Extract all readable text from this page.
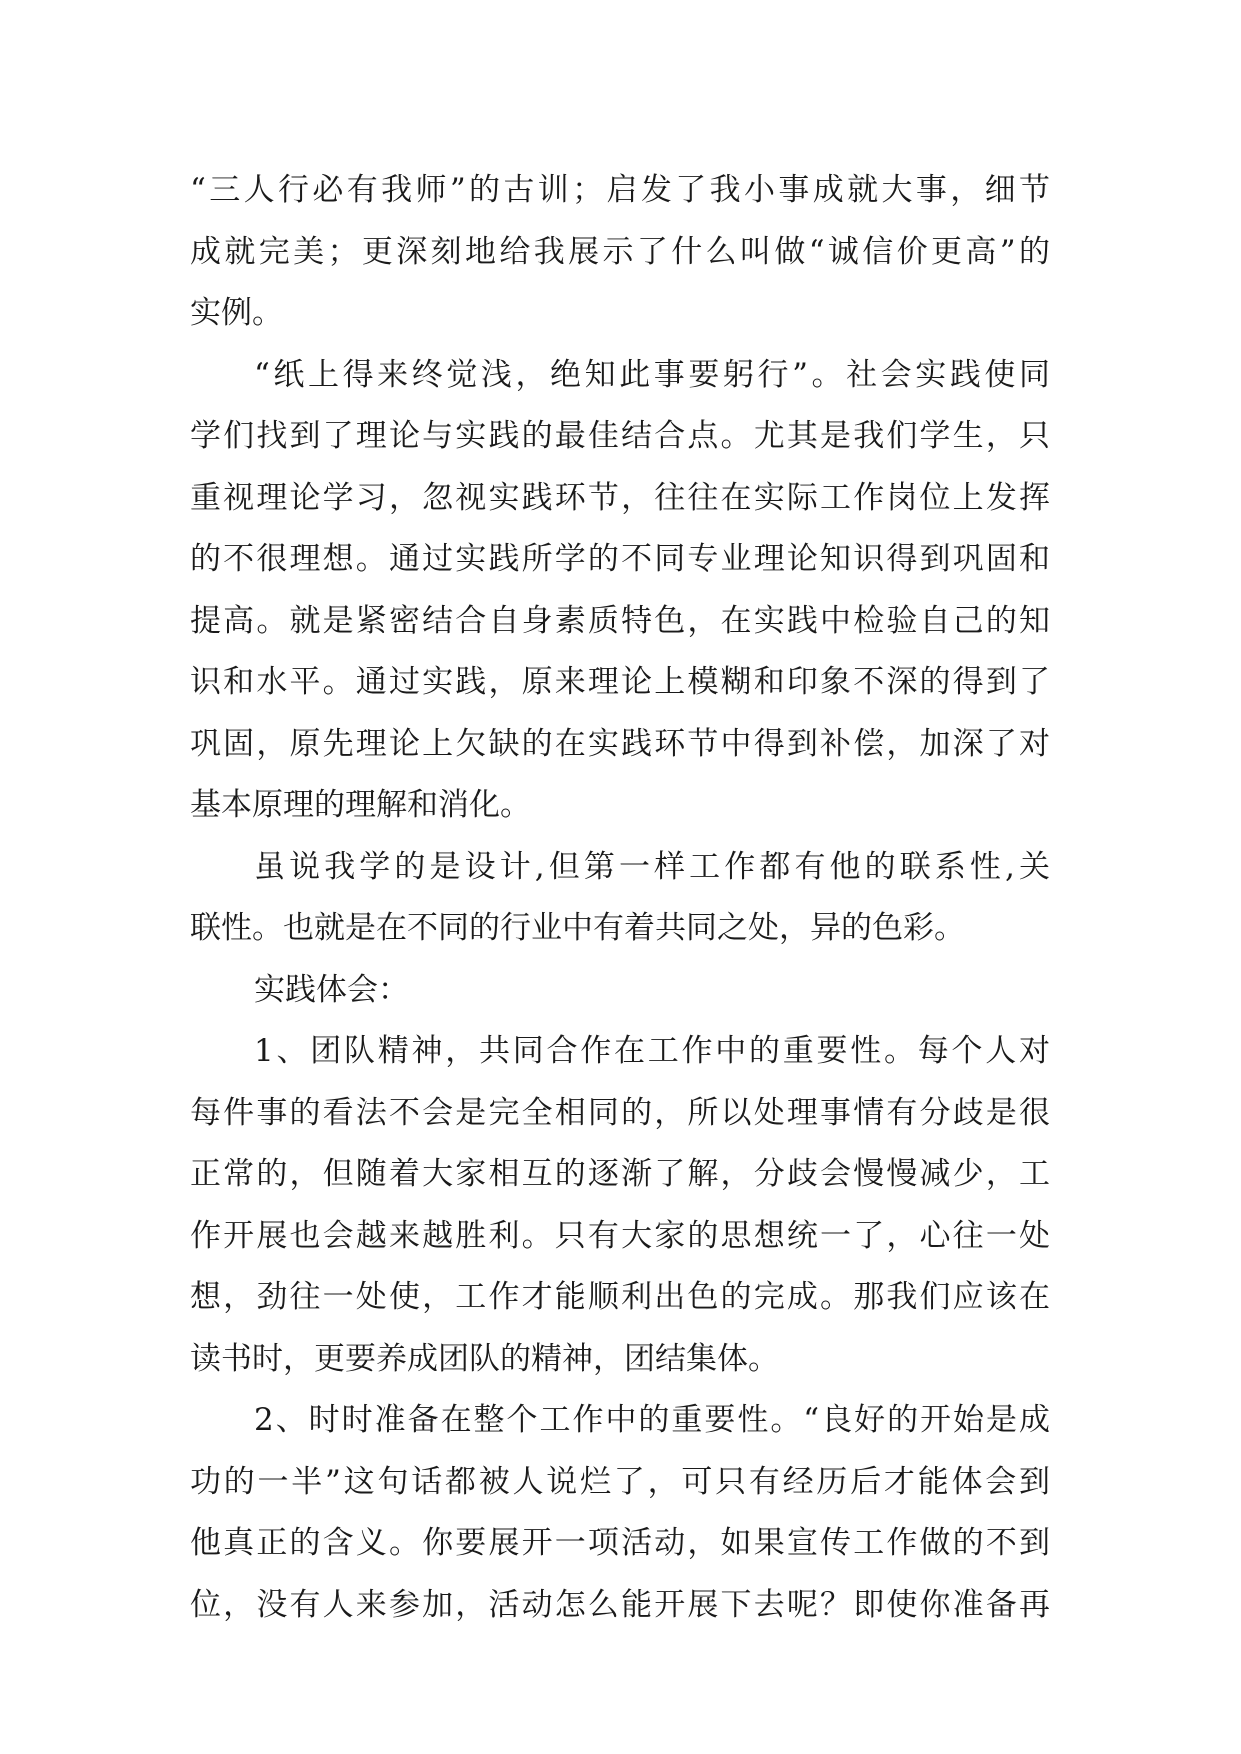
“三人行必有我师”的古训；启发了我小事成就大事，细节
成就完美；更深刻地给我展示了什么叫做“诚信价更高”的
实例。
“纸上得来终觉浅，绝知此事要躬行”。社会实践使同
学们找到了理论与实践的最佳结合点。尤其是我们学生，只
重视理论学习，忽视实践环节，往往在实际工作岗位上发挥
的不很理想。通过实践所学的不同专业理论知识得到巩固和
提高。就是紧密结合自身素质特色，在实践中检验自己的知
识和水平。通过实践，原来理论上模糊和印象不深的得到了
巩固，原先理论上欠缺的在实践环节中得到补偿，加深了对
基本原理的理解和消化。
虽说我学的是设计,但第一样工作都有他的联系性,关
联性。也就是在不同的行业中有着共同之处，异的色彩。
实践体会：
1、团队精神，共同合作在工作中的重要性。每个人对
每件事的看法不会是完全相同的，所以处理事情有分歧是很
正常的，但随着大家相互的逐渐了解，分歧会慢慢减少，工
作开展也会越来越胜利。只有大家的思想统一了，心往一处
想，劲往一处使，工作才能顺利出色的完成。那我们应该在
读书时，更要养成团队的精神，团结集体。
2、时时准备在整个工作中的重要性。“良好的开始是成
功的一半”这句话都被人说烂了，可只有经历后才能体会到
他真正的含义。你要展开一项活动，如果宣传工作做的不到
位，没有人来参加，活动怎么能开展下去呢？即使你准备再
